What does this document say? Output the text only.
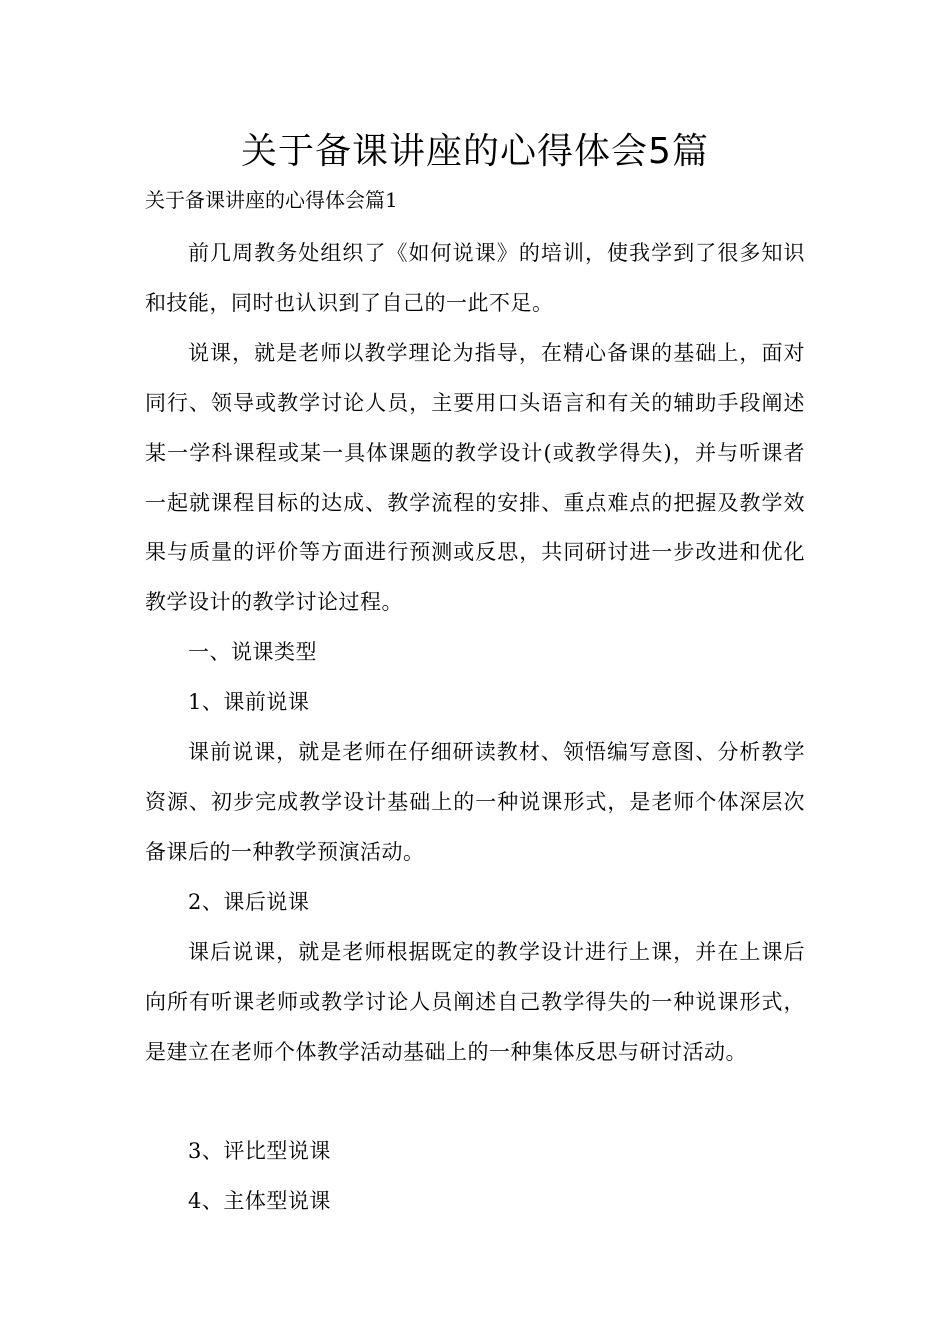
关于备课讲座的心得体会5篇
关于备课讲座的心得体会篇1

前几周教务处组织了《如何说课》的培训，使我学到了很多知识和技能，同时也认识到了自己的一此不足。

说课，就是老师以教学理论为指导，在精心备课的基础上，面对同行、领导或教学讨论人员，主要用口头语言和有关的辅助手段阐述某一学科课程或某一具体课题的教学设计(或教学得失)，并与听课者一起就课程目标的达成、教学流程的安排、重点难点的把握及教学效果与质量的评价等方面进行预测或反思，共同研讨进一步改进和优化教学设计的教学讨论过程。

一、说课类型

1、课前说课

课前说课，就是老师在仔细研读教材、领悟编写意图、分析教学资源、初步完成教学设计基础上的一种说课形式，是老师个体深层次备课后的一种教学预演活动。

2、课后说课

课后说课，就是老师根据既定的教学设计进行上课，并在上课后向所有听课老师或教学讨论人员阐述自己教学得失的一种说课形式，是建立在老师个体教学活动基础上的一种集体反思与研讨活动。

3、评比型说课

4、主体型说课
